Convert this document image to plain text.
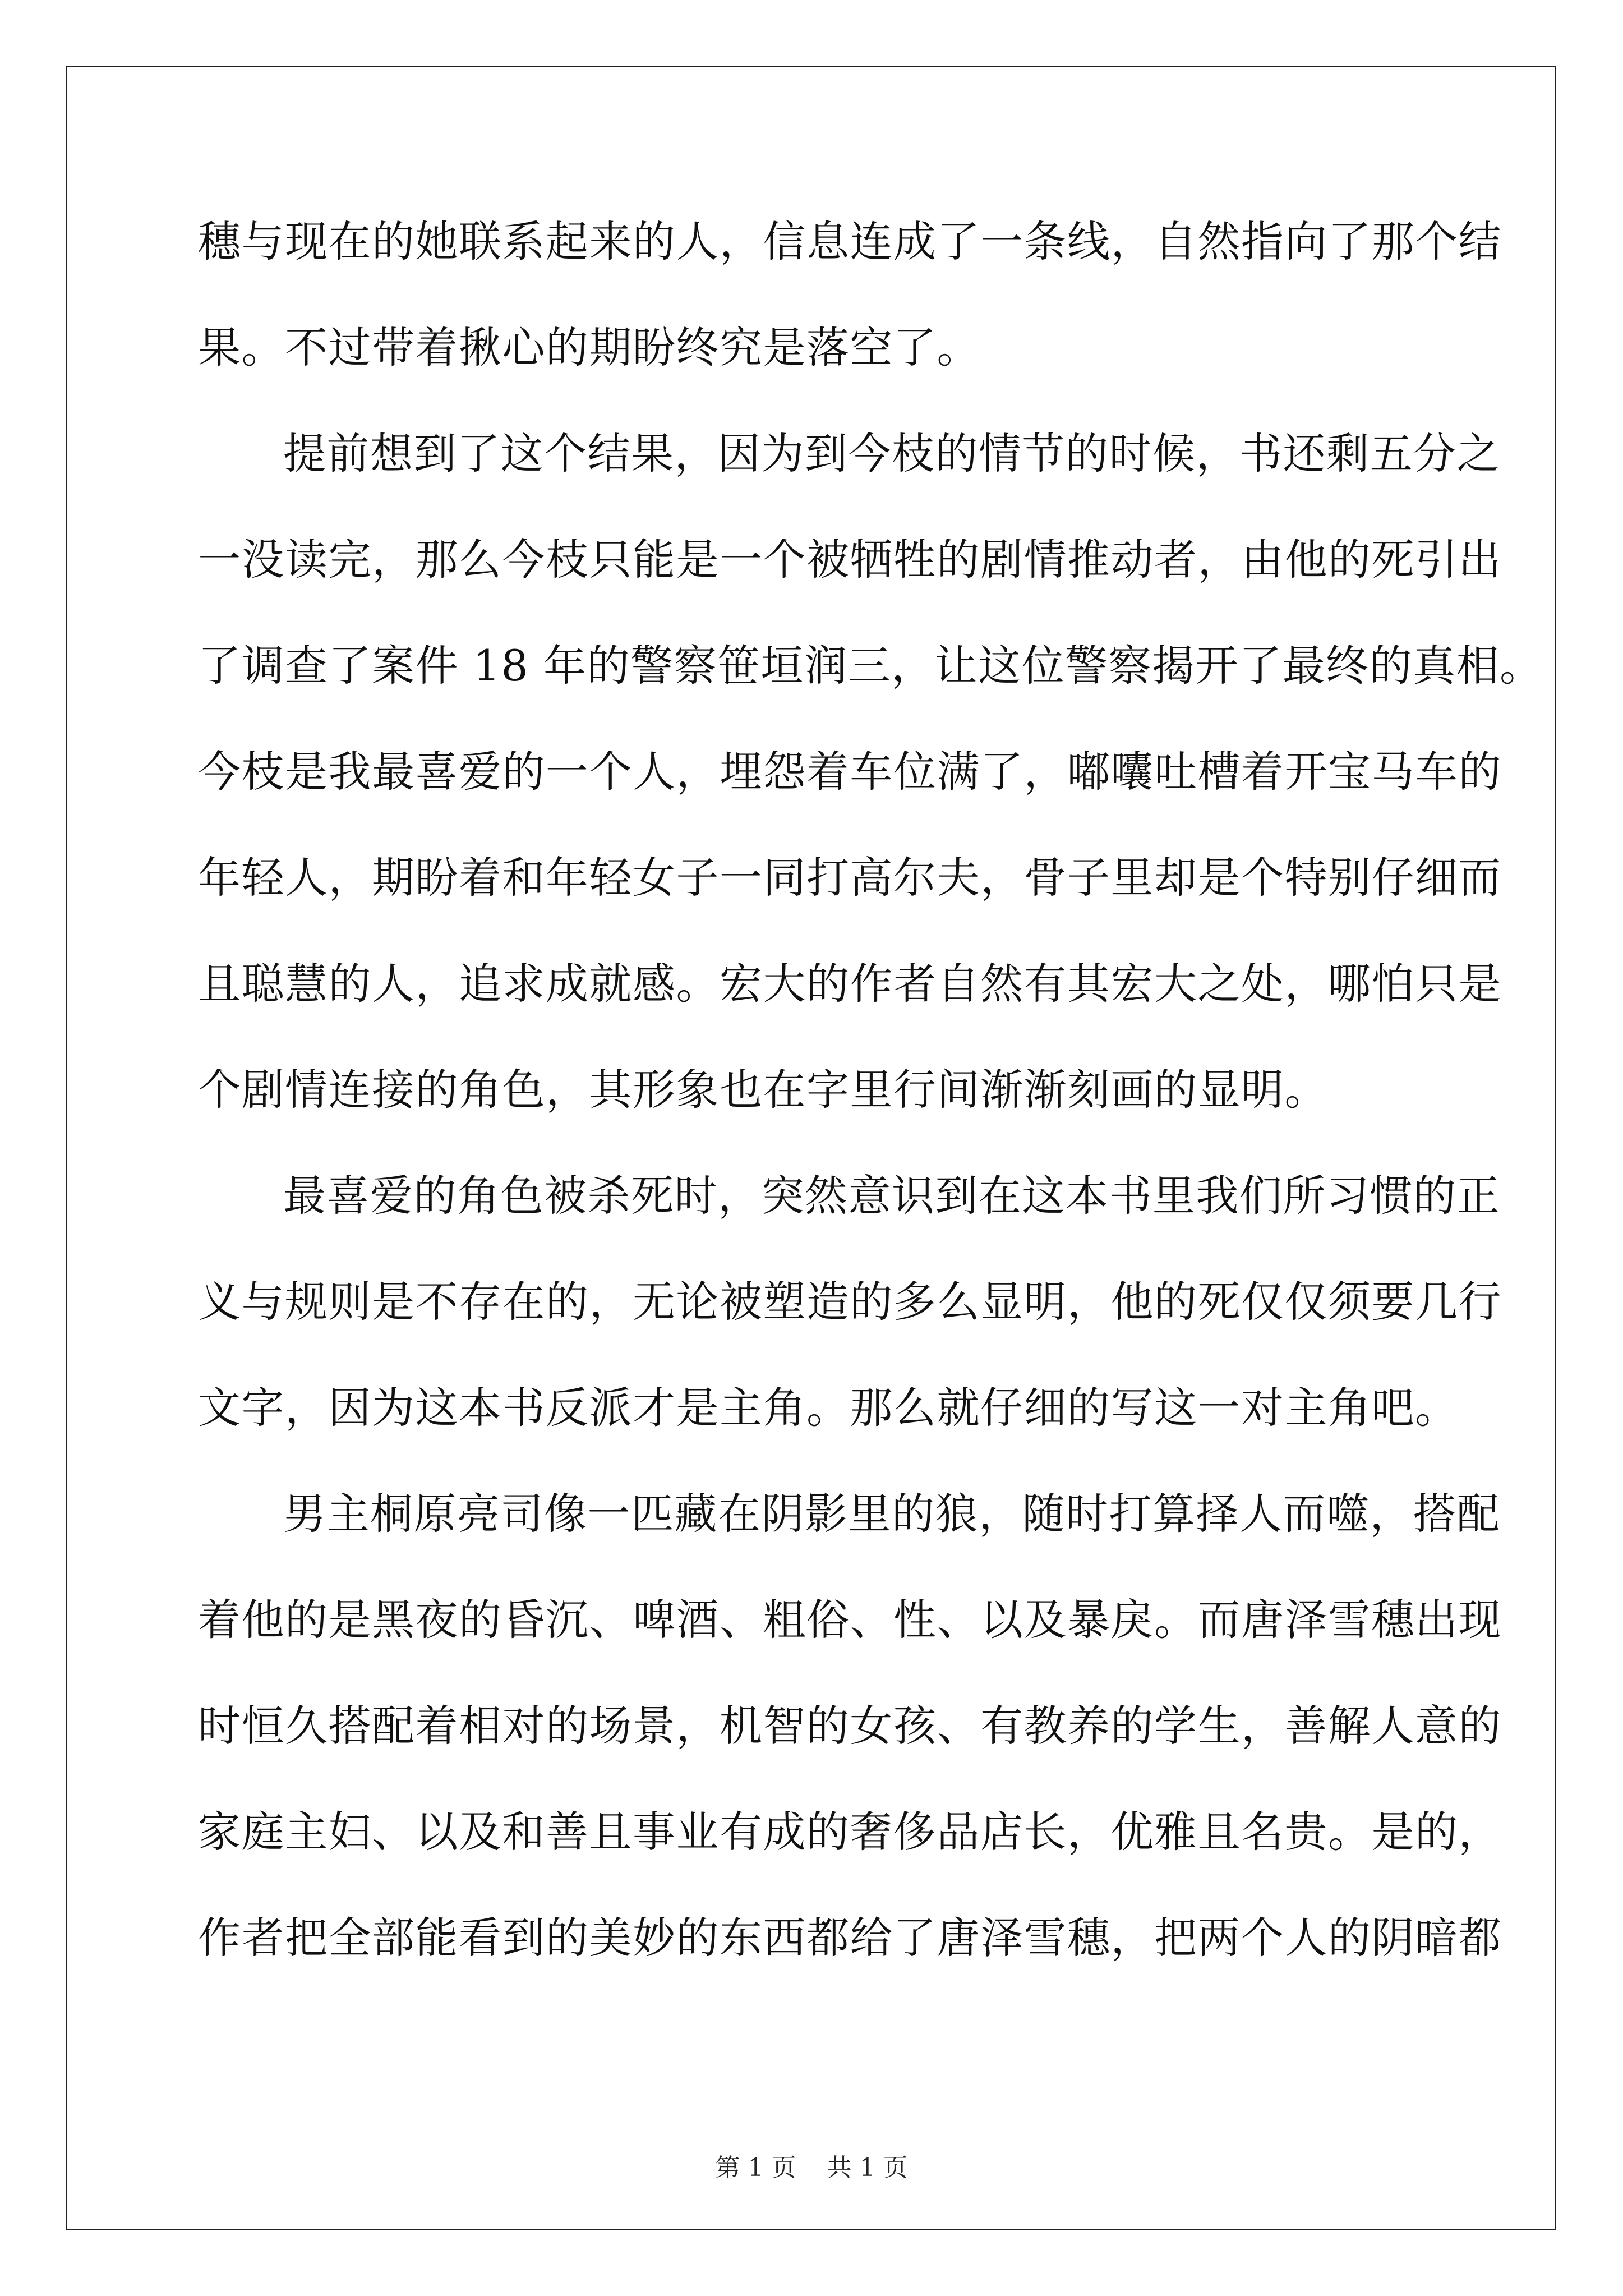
穗与现在的她联系起来的人，信息连成了一条线，自然指向了那个结
果。不过带着揪心的期盼终究是落空了。
提前想到了这个结果，因为到今枝的情节的时候，书还剩五分之
一没读完，那么今枝只能是一个被牺牲的剧情推动者，由他的死引出
了调查了案件 18 年的警察笹垣润三，让这位警察揭开了最终的真相。
今枝是我最喜爱的一个人，埋怨着车位满了，嘟囔吐槽着开宝马车的
年轻人，期盼着和年轻女子一同打高尔夫，骨子里却是个特别仔细而
且聪慧的人，追求成就感。宏大的作者自然有其宏大之处，哪怕只是
个剧情连接的角色，其形象也在字里行间渐渐刻画的显明。
最喜爱的角色被杀死时，突然意识到在这本书里我们所习惯的正
义与规则是不存在的，无论被塑造的多么显明，他的死仅仅须要几行
文字，因为这本书反派才是主角。那么就仔细的写这一对主角吧。
男主桐原亮司像一匹藏在阴影里的狼，随时打算择人而噬，搭配
着他的是黑夜的昏沉、啤酒、粗俗、性、以及暴戾。而唐泽雪穗出现
时恒久搭配着相对的场景，机智的女孩、有教养的学生，善解人意的
家庭主妇、以及和善且事业有成的奢侈品店长，优雅且名贵。是的，
作者把全部能看到的美妙的东西都给了唐泽雪穗，把两个人的阴暗都
第 1 页 共 1 页
